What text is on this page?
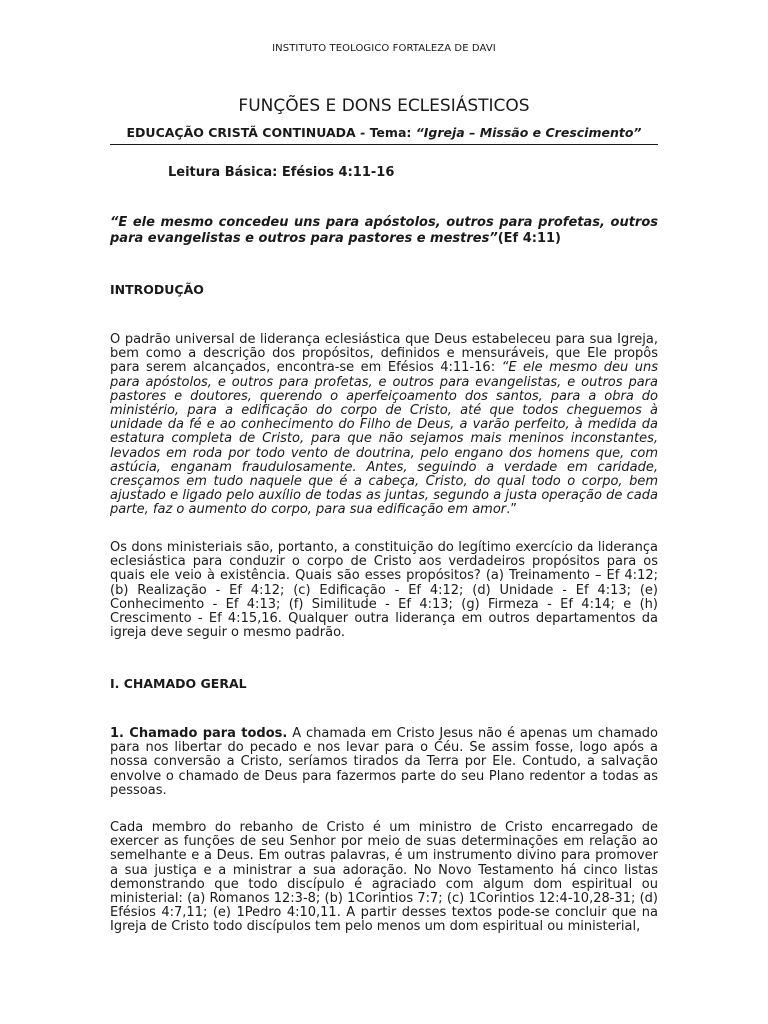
INSTITUTO TEOLOGICO FORTALEZA DE DAVI
FUNÇÕES E DONS ECLESIÁSTICOS
EDUCAÇÃO CRISTÃ CONTINUADA - Tema: “Igreja – Missão e Crescimento”
Leitura Básica: Efésios 4:11-16
“E ele mesmo concedeu uns para apóstolos, outros para profetas, outros para evangelistas e outros para pastores e mestres”(Ef 4:11)
INTRODUÇÃO
O padrão universal de liderança eclesiástica que Deus estabeleceu para sua Igreja, bem como a descrição dos propósitos, definidos e mensuráveis, que Ele propôs para serem alcançados, encontra-se em Efésios 4:11-16: “E ele mesmo deu uns para apóstolos, e outros para profetas, e outros para evangelistas, e outros para pastores e doutores, querendo o aperfeiçoamento dos santos, para a obra do ministério, para a edificação do corpo de Cristo, até que todos cheguemos à unidade da fé e ao conhecimento do Filho de Deus, a varão perfeito, à medida da estatura completa de Cristo, para que não sejamos mais meninos inconstantes, levados em roda por todo vento de doutrina, pelo engano dos homens que, com astúcia, enganam fraudulosamente. Antes, seguindo a verdade em caridade, cresçamos em tudo naquele que é a cabeça, Cristo, do qual todo o corpo, bem ajustado e ligado pelo auxílio de todas as juntas, segundo a justa operação de cada parte, faz o aumento do corpo, para sua edificação em amor.”
Os dons ministeriais são, portanto, a constituição do legítimo exercício da liderança eclesiástica para conduzir o corpo de Cristo aos verdadeiros propósitos para os quais ele veio à existência. Quais são esses propósitos? (a) Treinamento – Ef 4:12; (b) Realização - Ef 4:12; (c) Edificação - Ef 4:12; (d) Unidade - Ef 4:13; (e) Conhecimento - Ef 4:13; (f) Similitude - Ef 4:13; (g) Firmeza - Ef 4:14; e (h) Crescimento - Ef 4:15,16. Qualquer outra liderança em outros departamentos da igreja deve seguir o mesmo padrão.
I. CHAMADO GERAL
1. Chamado para todos. A chamada em Cristo Jesus não é apenas um chamado para nos libertar do pecado e nos levar para o Céu. Se assim fosse, logo após a nossa conversão a Cristo, seríamos tirados da Terra por Ele. Contudo, a salvação envolve o chamado de Deus para fazermos parte do seu Plano redentor a todas as pessoas.
Cada membro do rebanho de Cristo é um ministro de Cristo encarregado de exercer as funções de seu Senhor por meio de suas determinações em relação ao semelhante e a Deus. Em outras palavras, é um instrumento divino para promover a sua justiça e a ministrar a sua adoração. No Novo Testamento há cinco listas demonstrando que todo discípulo é agraciado com algum dom espiritual ou ministerial: (a) Romanos 12:3-8; (b) 1Corintios 7:7; (c) 1Corintios 12:4-10,28-31; (d) Efésios 4:7,11; (e) 1Pedro 4:10,11. A partir desses textos pode-se concluir que na Igreja de Cristo todo discípulos tem pelo menos um dom espiritual ou ministerial,
